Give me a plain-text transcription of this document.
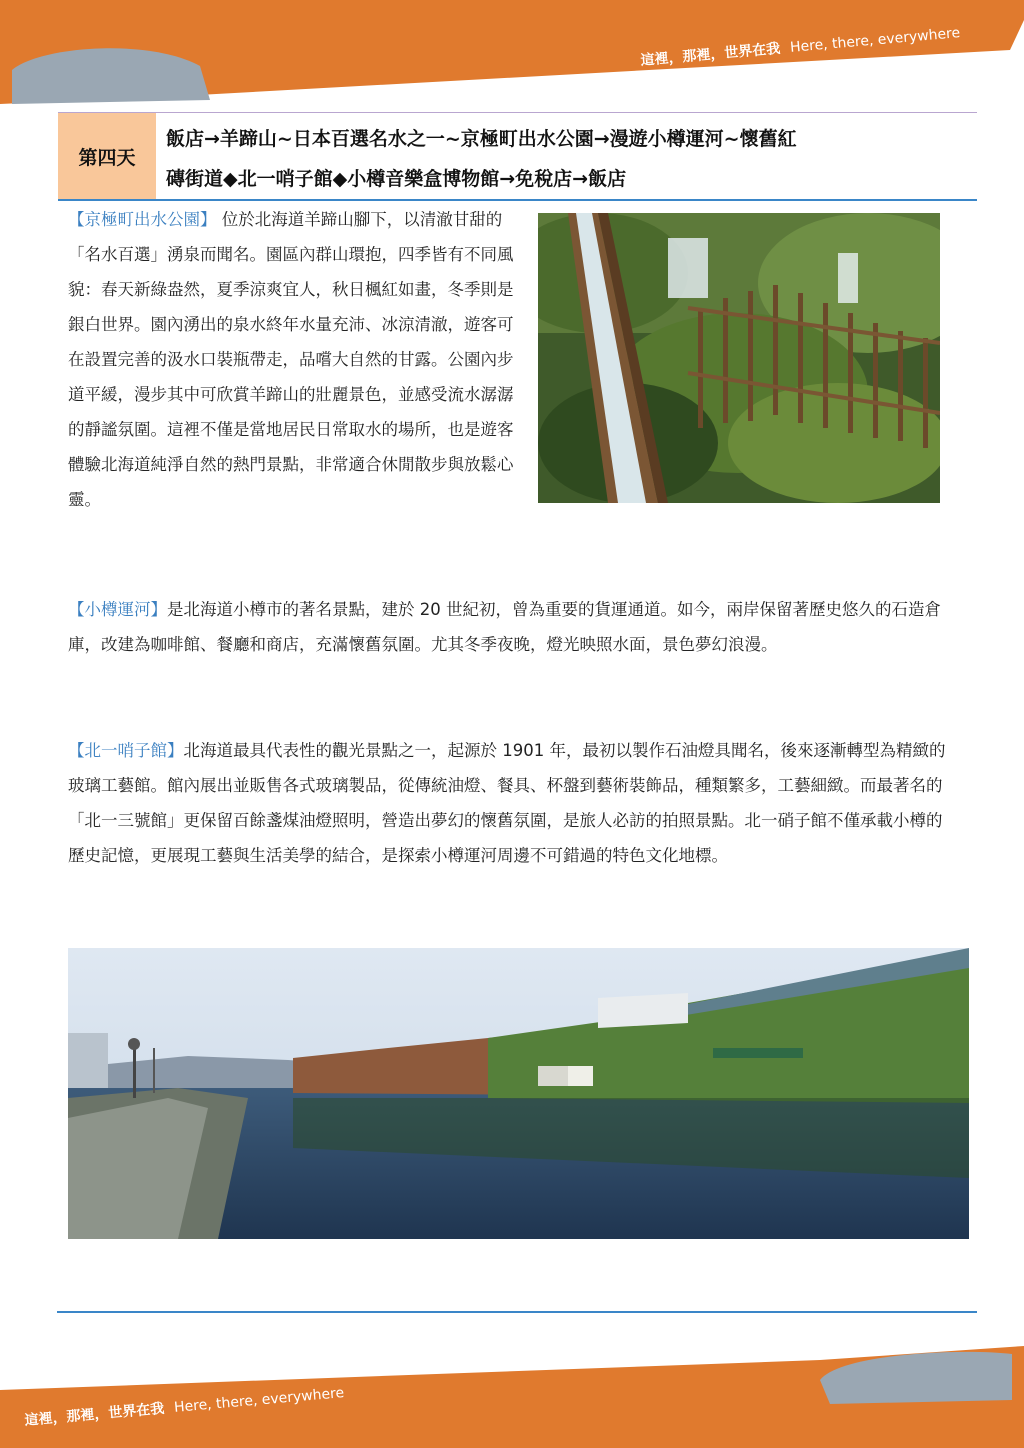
這裡，那裡，世界在我 Here, there, everywhere
第四天
飯店→羊蹄山~日本百選名水之一~京極町出水公園→漫遊小樽運河~懷舊紅
磚街道◆北一哨子館◆小樽音樂盒博物館→免稅店→飯店
【京極町出水公園】 位於北海道羊蹄山腳下，以清澈甘甜的「名水百選」湧泉而聞名。園區內群山環抱，四季皆有不同風貌：春天新綠盎然，夏季涼爽宜人，秋日楓紅如畫，冬季則是銀白世界。園內湧出的泉水終年水量充沛、冰涼清澈，遊客可在設置完善的汲水口裝瓶帶走，品嚐大自然的甘露。公園內步道平緩，漫步其中可欣賞羊蹄山的壯麗景色，並感受流水潺潺的靜謐氛圍。這裡不僅是當地居民日常取水的場所，也是遊客體驗北海道純淨自然的熱門景點，非常適合休閒散步與放鬆心靈。
【小樽運河】是北海道小樽市的著名景點，建於 20 世紀初，曾為重要的貨運通道。如今，兩岸保留著歷史悠久的石造倉庫，改建為咖啡館、餐廳和商店，充滿懷舊氛圍。尤其冬季夜晚，燈光映照水面，景色夢幻浪漫。
【北一哨子館】北海道最具代表性的觀光景點之一，起源於 1901 年，最初以製作石油燈具聞名，後來逐漸轉型為精緻的玻璃工藝館。館內展出並販售各式玻璃製品，從傳統油燈、餐具、杯盤到藝術裝飾品，種類繁多，工藝細緻。而最著名的「北一三號館」更保留百餘盞煤油燈照明，營造出夢幻的懷舊氛圍，是旅人必訪的拍照景點。北一硝子館不僅承載小樽的歷史記憶，更展現工藝與生活美學的結合，是探索小樽運河周邊不可錯過的特色文化地標。
這裡，那裡，世界在我 Here, there, everywhere
